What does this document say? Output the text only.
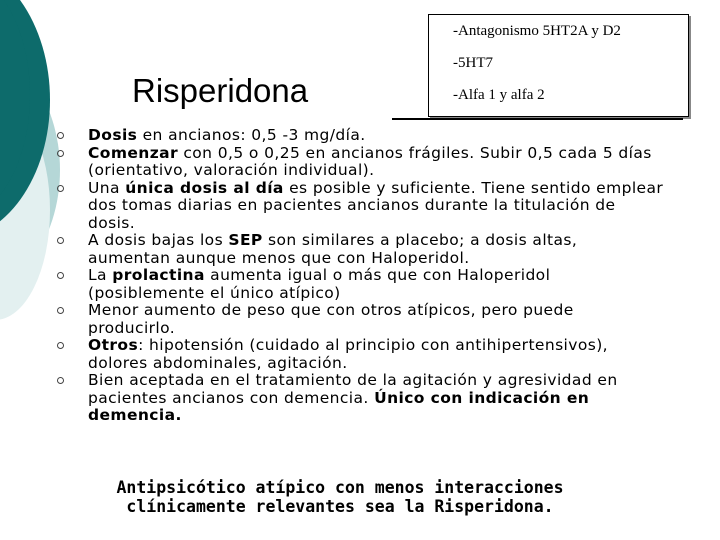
Risperidona
-Antagonismo 5HT2A y D2
-5HT7
-Alfa 1 y alfa 2
Dosis en ancianos: 0,5 -3 mg/día.
Comenzar con 0,5 o 0,25 en ancianos frágiles. Subir 0,5 cada 5 días (orientativo, valoración individual).
Una única dosis al día es posible y suficiente. Tiene sentido emplear dos tomas diarias en pacientes ancianos durante la titulación de dosis.
A dosis bajas los SEP son similares a placebo; a dosis altas, aumentan aunque menos que con Haloperidol.
La prolactina aumenta igual o más que con Haloperidol (posiblemente el único atípico)
Menor aumento de peso que con otros atípicos, pero puede producirlo.
Otros: hipotensión (cuidado al principio con antihipertensivos), dolores abdominales, agitación.
Bien aceptada en el tratamiento de la agitación y agresividad en pacientes ancianos con demencia. Único con indicación en demencia.
Antipsicótico atípico con menos interacciones clínicamente relevantes sea la Risperidona.
